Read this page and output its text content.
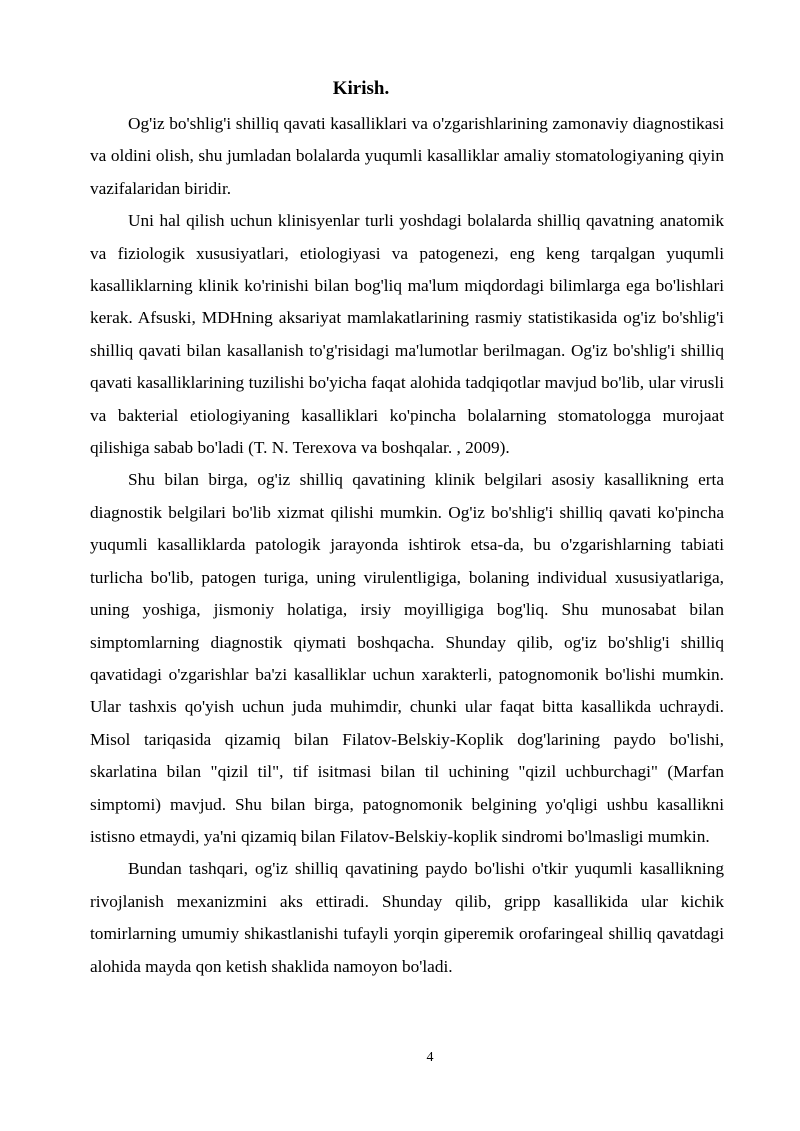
Kirish.

Og'iz bo'shlig'i shilliq qavati kasalliklari va o'zgarishlarining zamonaviy diagnostikasi va oldini olish, shu jumladan bolalarda yuqumli kasalliklar amaliy stomatologiyaning qiyin vazifalaridan biridir.

Uni hal qilish uchun klinisyenlar turli yoshdagi bolalarda shilliq qavatning anatomik va fiziologik xususiyatlari, etiologiyasi va patogenezi, eng keng tarqalgan yuqumli kasalliklarning klinik ko'rinishi bilan bog'liq ma'lum miqdordagi bilimlarga ega bo'lishlari kerak. Afsuski, MDHning aksariyat mamlakatlarining rasmiy statistikasida og'iz bo'shlig'i shilliq qavati bilan kasallanish to'g'risidagi ma'lumotlar berilmagan. Og'iz bo'shlig'i shilliq qavati kasalliklarining tuzilishi bo'yicha faqat alohida tadqiqotlar mavjud bo'lib, ular virusli va bakterial etiologiyaning kasalliklari ko'pincha bolalarning stomatologga murojaat qilishiga sabab bo'ladi (T. N. Terexova va boshqalar. , 2009).

Shu bilan birga, og'iz shilliq qavatining klinik belgilari asosiy kasallikning erta diagnostik belgilari bo'lib xizmat qilishi mumkin. Og'iz bo'shlig'i shilliq qavati ko'pincha yuqumli kasalliklarda patologik jarayonda ishtirok etsa-da, bu o'zgarishlarning tabiati turlicha bo'lib, patogen turiga, uning virulentligiga, bolaning individual xususiyatlariga, uning yoshiga, jismoniy holatiga, irsiy moyilligiga bog'liq. Shu munosabat bilan simptomlarning diagnostik qiymati boshqacha. Shunday qilib, og'iz bo'shlig'i shilliq qavatidagi o'zgarishlar ba'zi kasalliklar uchun xarakterli, patognomonik bo'lishi mumkin. Ular tashxis qo'yish uchun juda muhimdir, chunki ular faqat bitta kasallikda uchraydi. Misol tariqasida qizamiq bilan Filatov-Belskiy-Koplik dog'larining paydo bo'lishi, skarlatina bilan "qizil til", tif isitmasi bilan til uchining "qizil uchburchagi" (Marfan simptomi) mavjud. Shu bilan birga, patognomonik belgining yo'qligi ushbu kasallikni istisno etmaydi, ya'ni qizamiq bilan Filatov-Belskiy-koplik sindromi bo'lmasligi mumkin.

Bundan tashqari, og'iz shilliq qavatining paydo bo'lishi o'tkir yuqumli kasallikning rivojlanish mexanizmini aks ettiradi. Shunday qilib, gripp kasallikida ular kichik tomirlarning umumiy shikastlanishi tufayli yorqin giperemik orofaringeal shilliq qavatdagi alohida mayda qon ketish shaklida namoyon bo'ladi.

4
